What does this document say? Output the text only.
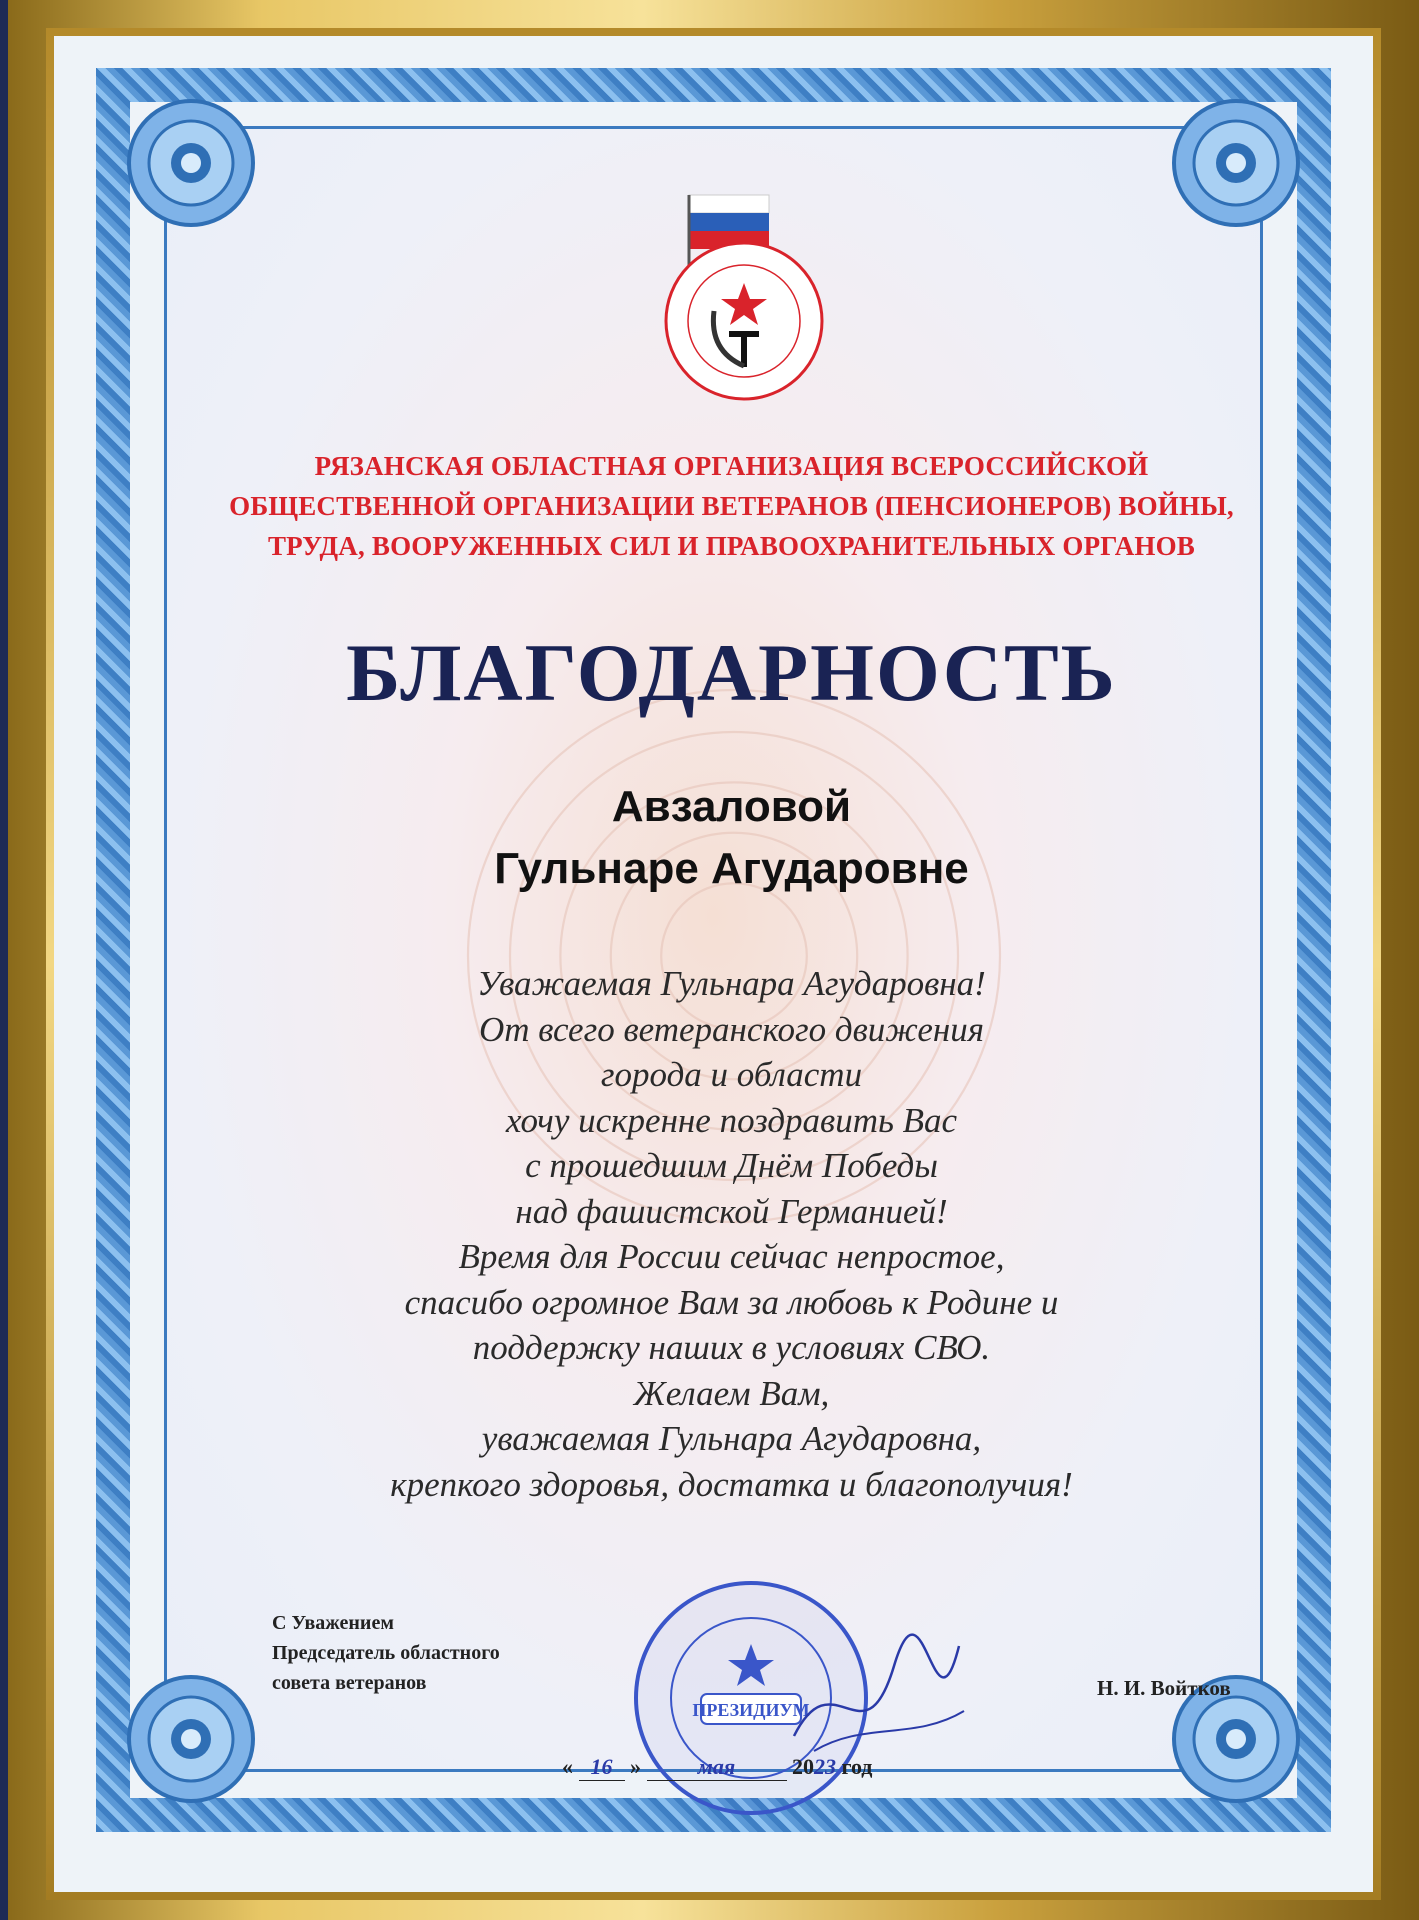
РЯЗАНСКАЯ ОБЛАСТНАЯ ОРГАНИЗАЦИЯ ВСЕРОССИЙСКОЙ
ОБЩЕСТВЕННОЙ ОРГАНИЗАЦИИ ВЕТЕРАНОВ (ПЕНСИОНЕРОВ) ВОЙНЫ,
ТРУДА, ВООРУЖЕННЫХ СИЛ И ПРАВООХРАНИТЕЛЬНЫХ ОРГАНОВ
БЛАГОДАРНОСТЬ
Авзаловой
Гульнаре Агударовне
Уважаемая Гульнара Агударовна!
От всего ветеранского движения
города и области
хочу искренне поздравить Вас
с прошедшим Днём Победы
над фашистской Германией!
Время для России сейчас непростое,
спасибо огромное Вам за любовь к Родине и
поддержку наших в условиях СВО.
Желаем Вам,
уважаемая Гульнара Агударовна,
крепкого здоровья, достатка и благополучия!
С Уважением
Председатель областного
совета ветеранов	Н. И. Войтков
ПРЕЗИДИУМ
« 16 »	мая	2023 год
